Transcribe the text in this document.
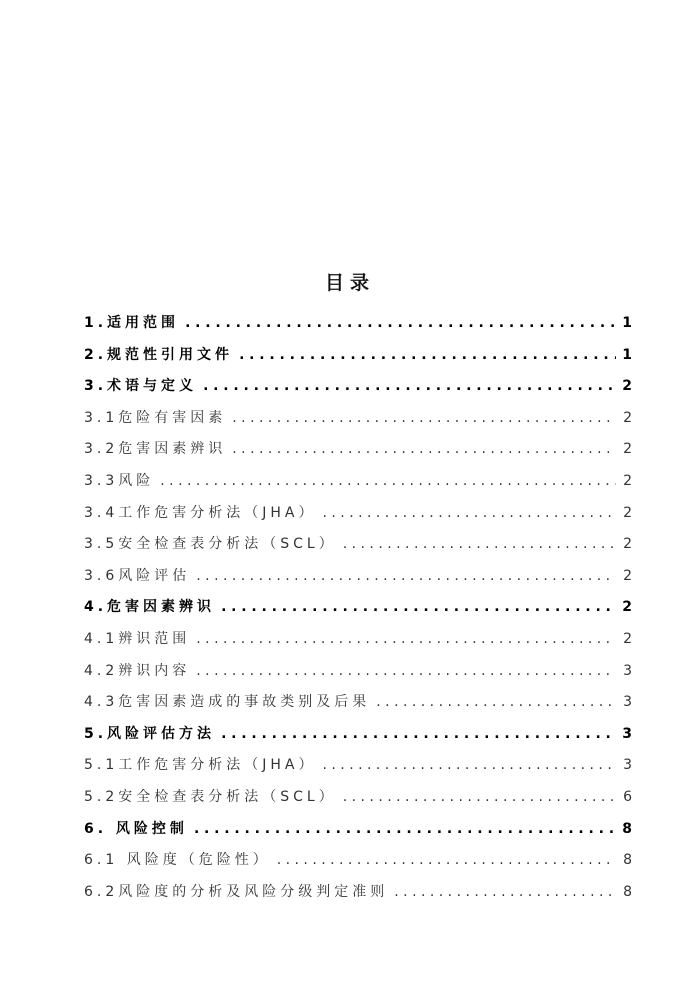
目录
1.适用范围 .....	1
2.规范性引用文件 .....	1
3.术语与定义 .....	2
3.1危险有害因素 . . .	2
3.2危害因素辨识 . . .	2
3.3风险 . . .	2
3.4工作危害分析法（JHA） . . .	2
3.5安全检查表分析法（SCL） . . .	2
3.6风险评估 . . .	2
4.危害因素辨识 .....	2
4.1辨识范围 . . .	2
4.2辨识内容 . . .	3
4.3危害因素造成的事故类别及后果 . . .	3
5.风险评估方法 .....	3
5.1工作危害分析法（JHA） . . .	3
5.2安全检查表分析法（SCL） . . .	6
6. 风险控制 .....	8
6.1 风险度（危险性） . . .	8
6.2风险度的分析及风险分级判定准则 . . .	8
